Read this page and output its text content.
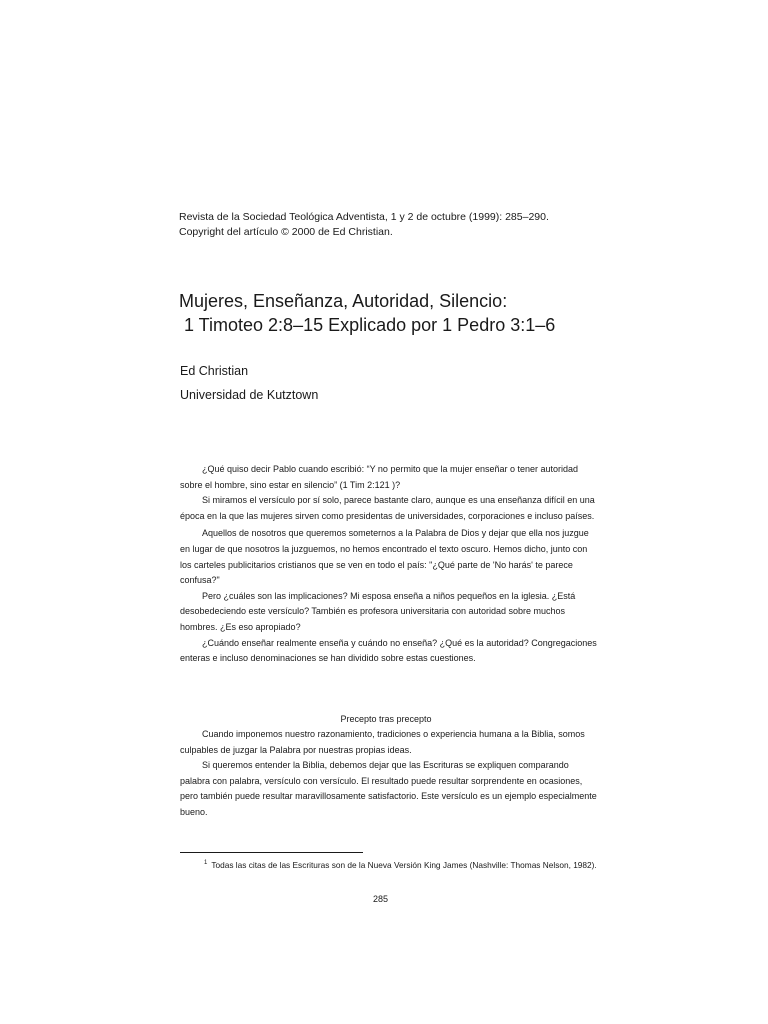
Revista de la Sociedad Teológica Adventista, 1 y 2 de octubre (1999): 285–290.
Copyright del artículo © 2000 de Ed Christian.
Mujeres, Enseñanza, Autoridad, Silencio:
1 Timoteo 2:8–15 Explicado por 1 Pedro 3:1–6
Ed Christian
Universidad de Kutztown

¿Qué quiso decir Pablo cuando escribió: “Y no permito que la mujer enseñar o tener autoridad sobre el hombre, sino estar en silencio” (1 Tim 2:121 )?

Si miramos el versículo por sí solo, parece bastante claro, aunque es una enseñanza difícil en una época en la que las mujeres sirven como presidentas de universidades, corporaciones e incluso países.

Aquellos de nosotros que queremos someternos a la Palabra de Dios y dejar que ella nos juzgue en lugar de que nosotros la juzguemos, no hemos encontrado el texto oscuro. Hemos dicho, junto con los carteles publicitarios cristianos que se ven en todo el país: "¿Qué parte de 'No harás' te parece confusa?"

Pero ¿cuáles son las implicaciones? Mi esposa enseña a niños pequeños en la iglesia. ¿Está desobedeciendo este versículo? También es profesora universitaria con autoridad sobre muchos hombres. ¿Es eso apropiado?

¿Cuándo enseñar realmente enseña y cuándo no enseña? ¿Qué es la autoridad? Congregaciones enteras e incluso denominaciones se han dividido sobre estas cuestiones.

Precepto tras precepto

Cuando imponemos nuestro razonamiento, tradiciones o experiencia humana a la Biblia, somos culpables de juzgar la Palabra por nuestras propias ideas.

Si queremos entender la Biblia, debemos dejar que las Escrituras se expliquen comparando palabra con palabra, versículo con versículo. El resultado puede resultar sorprendente en ocasiones, pero también puede resultar maravillosamente satisfactorio. Este versículo es un ejemplo especialmente bueno.

$^1$ Todas las citas de las Escrituras son de la Nueva Versión King James (Nashville: Thomas Nelson, 1982).
285
